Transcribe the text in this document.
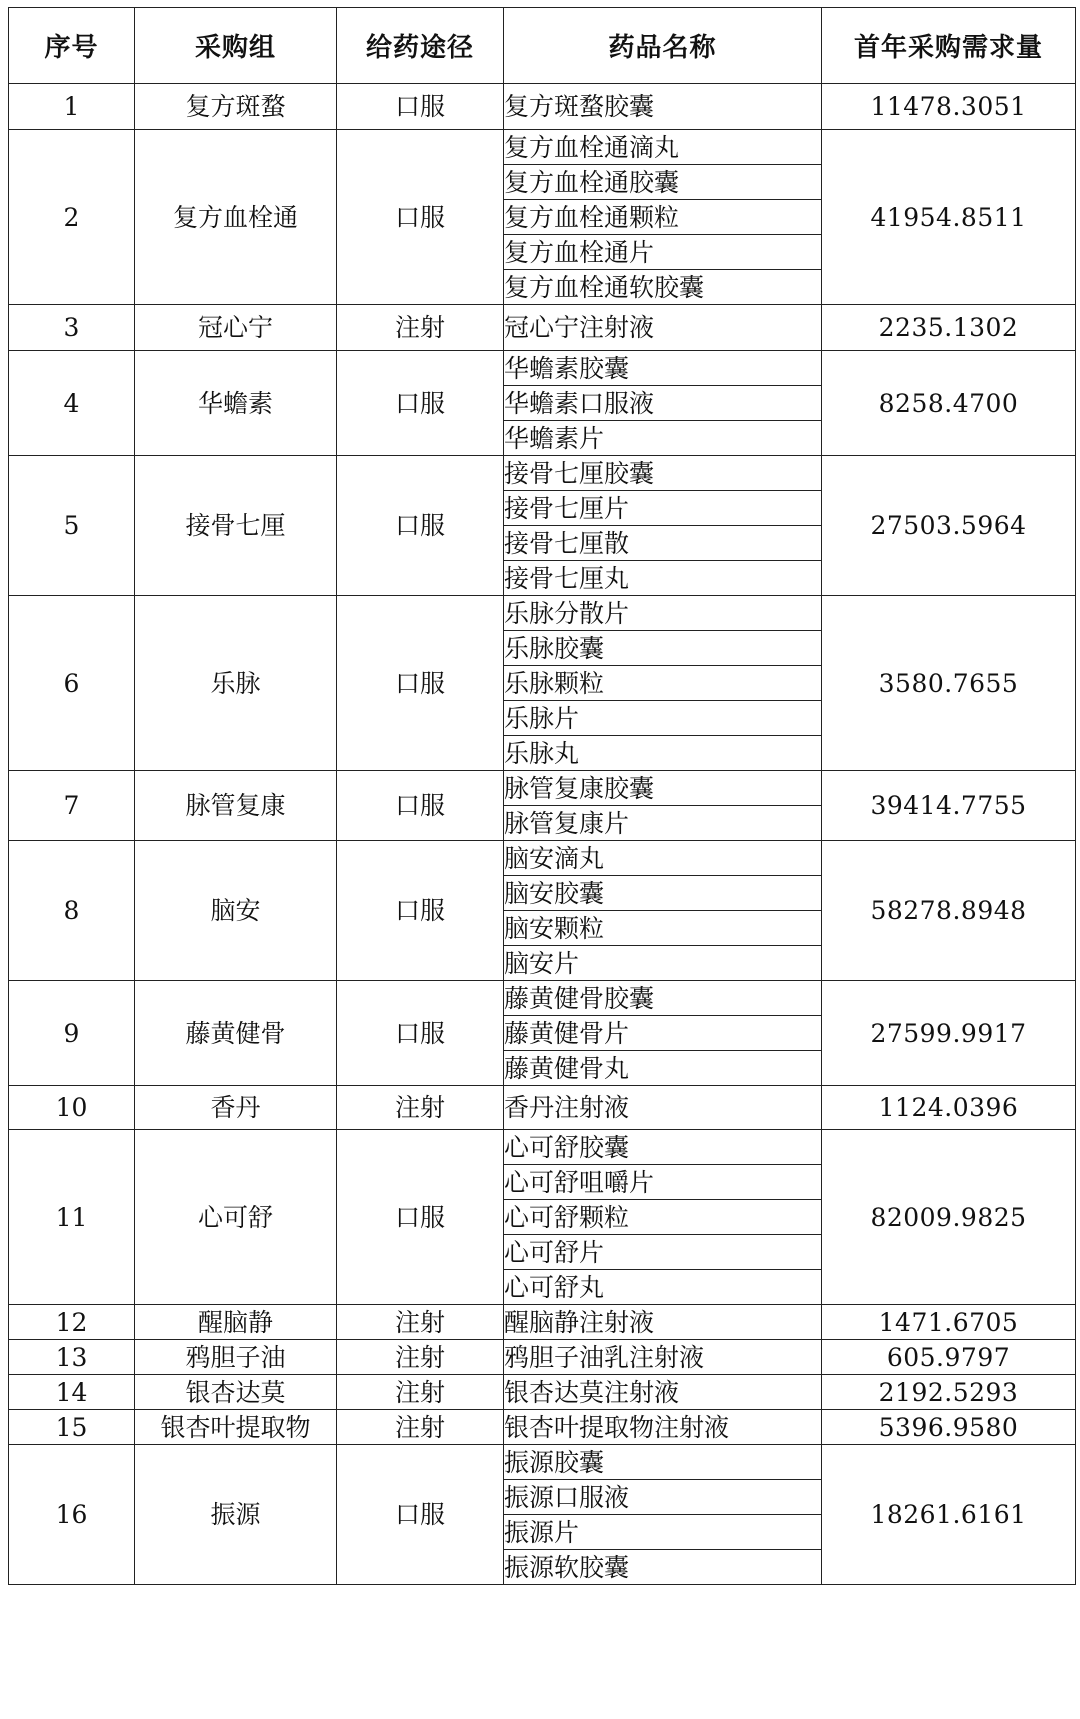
序号	采购组	给药途径	药品名称	首年采购需求量
1	复方斑蝥	口服	复方斑蝥胶囊	11478.3051
2	复方血栓通	口服	复方血栓通滴丸	41954.8511
			复方血栓通胶囊	
			复方血栓通颗粒	
			复方血栓通片	
			复方血栓通软胶囊	
3	冠心宁	注射	冠心宁注射液	2235.1302
4	华蟾素	口服	华蟾素胶囊	8258.4700
			华蟾素口服液	
			华蟾素片	
5	接骨七厘	口服	接骨七厘胶囊	27503.5964
			接骨七厘片	
			接骨七厘散	
			接骨七厘丸	
6	乐脉	口服	乐脉分散片	3580.7655
			乐脉胶囊	
			乐脉颗粒	
			乐脉片	
			乐脉丸	
7	脉管复康	口服	脉管复康胶囊	39414.7755
			脉管复康片	
8	脑安	口服	脑安滴丸	58278.8948
			脑安胶囊	
			脑安颗粒	
			脑安片	
9	藤黄健骨	口服	藤黄健骨胶囊	27599.9917
			藤黄健骨片	
			藤黄健骨丸	
10	香丹	注射	香丹注射液	1124.0396
11	心可舒	口服	心可舒胶囊	82009.9825
			心可舒咀嚼片	
			心可舒颗粒	
			心可舒片	
			心可舒丸	
12	醒脑静	注射	醒脑静注射液	1471.6705
13	鸦胆子油	注射	鸦胆子油乳注射液	605.9797
14	银杏达莫	注射	银杏达莫注射液	2192.5293
15	银杏叶提取物	注射	银杏叶提取物注射液	5396.9580
16	振源	口服	振源胶囊	18261.6161
			振源口服液	
			振源片	
			振源软胶囊	
